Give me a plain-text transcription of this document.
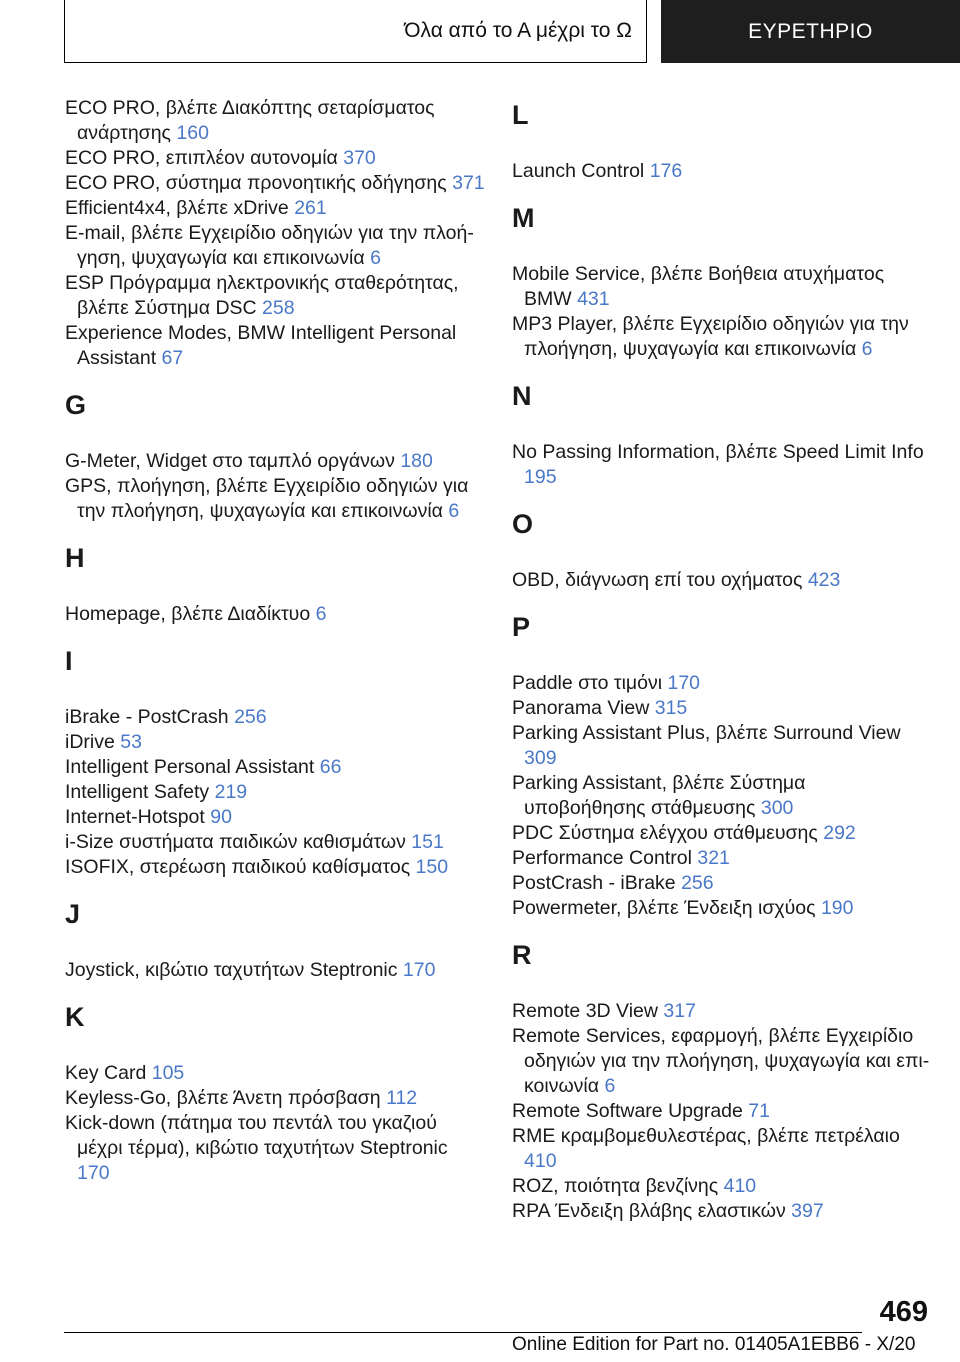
Όλα από το Α μέχρι το Ω	ΕΥΡΕΤΗΡΙΟ
ECO PRO, βλέπε Διακόπτης σεταρίσματος ανάρτησης 160
ECO PRO, επιπλέον αυτονομία 370
ECO PRO, σύστημα προνοητικής οδήγησης 371
Efficient4x4, βλέπε xDrive 261
E-mail, βλέπε Εγχειρίδιο οδηγιών για την πλοήγηση, ψυχαγωγία και επικοινωνία 6
ESP Πρόγραμμα ηλεκτρονικής σταθερότητας, βλέπε Σύστημα DSC 258
Experience Modes, BMW Intelligent Personal Assistant 67
G
G-Meter, Widget στο ταμπλό οργάνων 180
GPS, πλοήγηση, βλέπε Εγχειρίδιο οδηγιών για την πλοήγηση, ψυχαγωγία και επικοινωνία 6
H
Homepage, βλέπε Διαδίκτυο 6
I
iBrake - PostCrash 256
iDrive 53
Intelligent Personal Assistant 66
Intelligent Safety 219
Internet-Hotspot 90
i-Size συστήματα παιδικών καθισμάτων 151
ISOFIX, στερέωση παιδικού καθίσματος 150
J
Joystick, κιβώτιο ταχυτήτων Steptronic 170
K
Key Card 105
Keyless-Go, βλέπε Άνετη πρόσβαση 112
Kick-down (πάτημα του πεντάλ του γκαζιού μέχρι τέρμα), κιβώτιο ταχυτήτων Steptronic 170
L
Launch Control 176
M
Mobile Service, βλέπε Βοήθεια ατυχήματος BMW 431
MP3 Player, βλέπε Εγχειρίδιο οδηγιών για την πλοήγηση, ψυχαγωγία και επικοινωνία 6
N
No Passing Information, βλέπε Speed Limit Info 195
O
OBD, διάγνωση επί του οχήματος 423
P
Paddle στο τιμόνι 170
Panorama View 315
Parking Assistant Plus, βλέπε Surround View 309
Parking Assistant, βλέπε Σύστημα υποβοήθησης στάθμευσης 300
PDC Σύστημα ελέγχου στάθμευσης 292
Performance Control 321
PostCrash - iBrake 256
Powermeter, βλέπε Ένδειξη ισχύος 190
R
Remote 3D View 317
Remote Services, εφαρμογή, βλέπε Εγχειρίδιο οδηγιών για την πλοήγηση, ψυχαγωγία και επικοινωνία 6
Remote Software Upgrade 71
RME κραμβομεθυλεστέρας, βλέπε πετρέλαιο 410
ROZ, ποιότητα βενζίνης 410
RPA Ένδειξη βλάβης ελαστικών 397
469
Online Edition for Part no. 01405A1EBB6 - X/20
